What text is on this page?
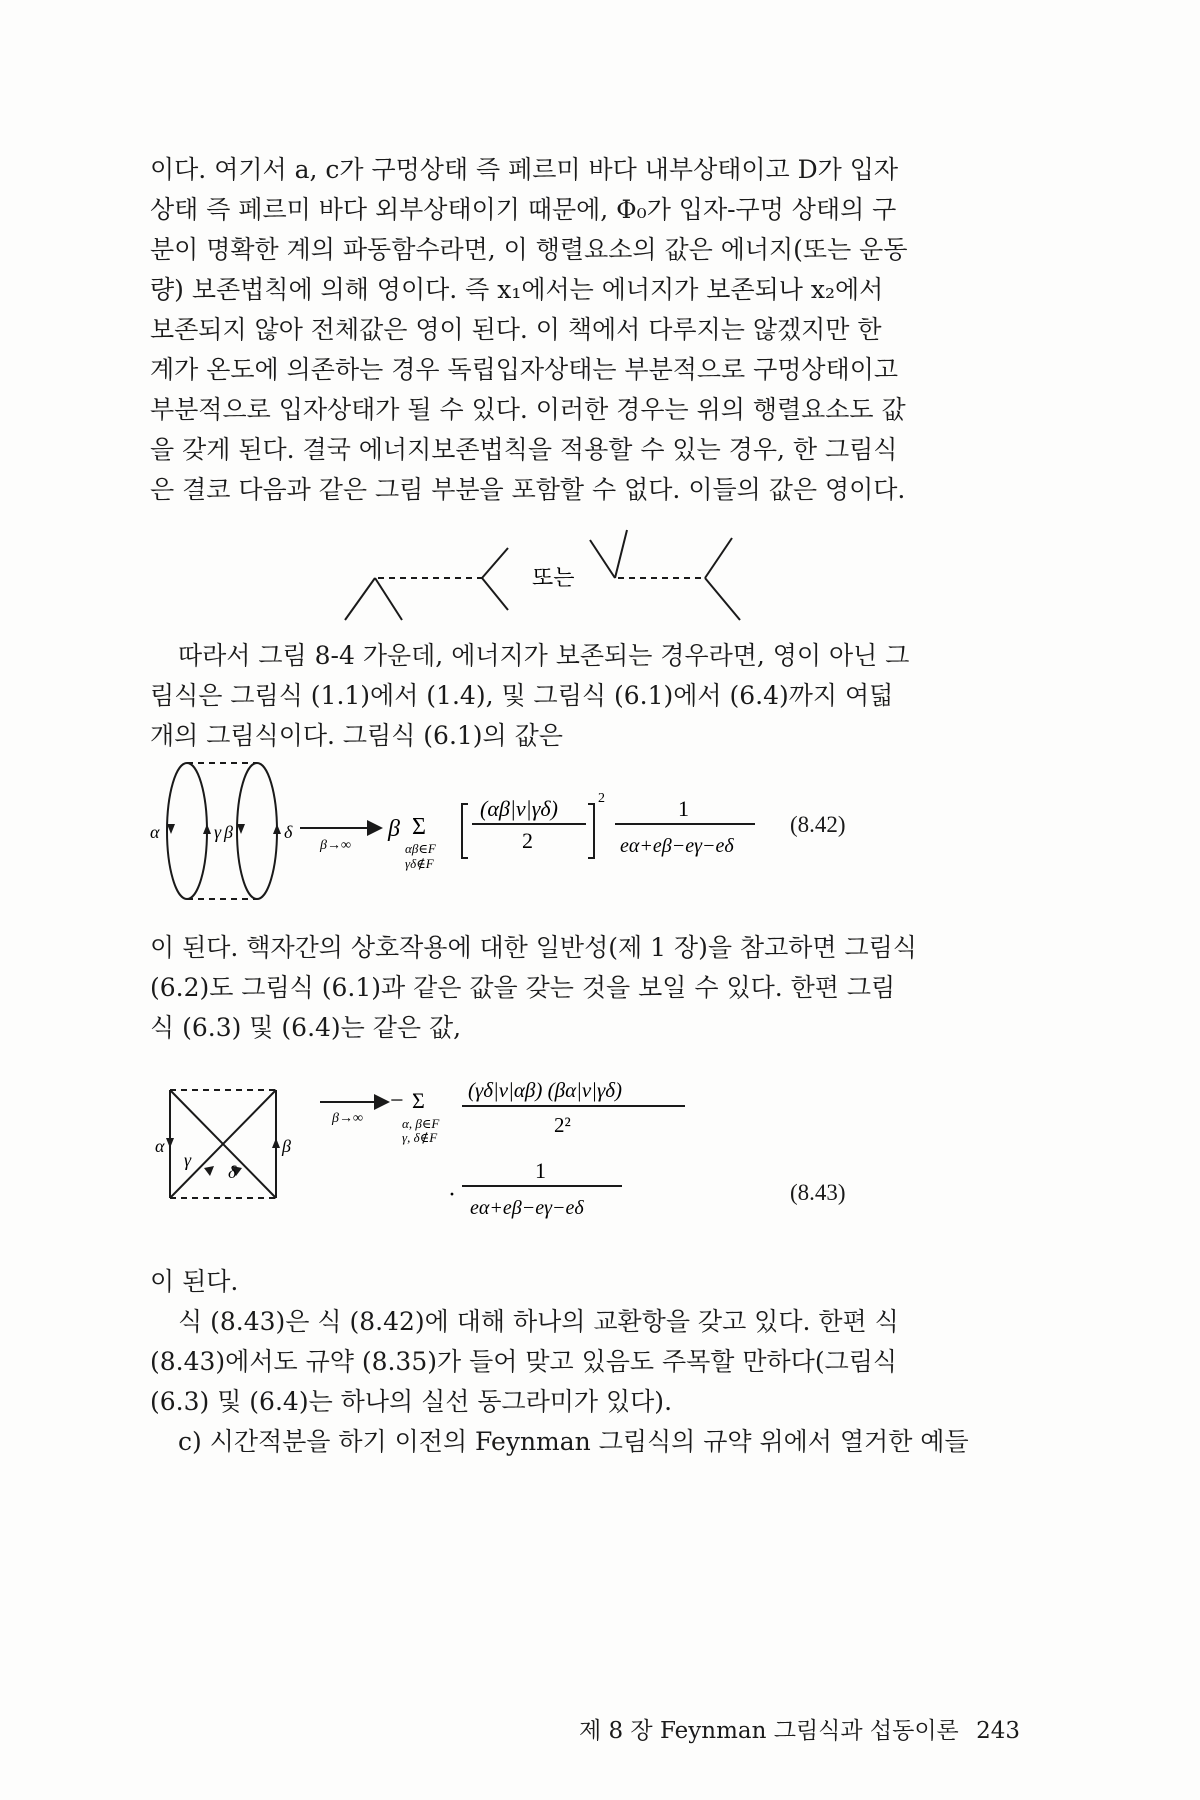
이다. 여기서 a, c가 구멍상태 즉 페르미 바다 내부상태이고 D가 입자
상태 즉 페르미 바다 외부상태이기 때문에, Φ₀가 입자-구멍 상태의 구
분이 명확한 계의 파동함수라면, 이 행렬요소의 값은 에너지(또는 운동
량) 보존법칙에 의해 영이다. 즉 x₁에서는 에너지가 보존되나 x₂에서
보존되지 않아 전체값은 영이 된다. 이 책에서 다루지는 않겠지만 한
계가 온도에 의존하는 경우 독립입자상태는 부분적으로 구멍상태이고
부분적으로 입자상태가 될 수 있다. 이러한 경우는 위의 행렬요소도 값
을 갖게 된다. 결국 에너지보존법칙을 적용할 수 있는 경우, 한 그림식
은 결코 다음과 같은 그림 부분을 포함할 수 없다. 이들의 값은 영이다.

또는

따라서 그림 8-4 가운데, 에너지가 보존되는 경우라면, 영이 아닌 그
림식은 그림식 (1.1)에서 (1.4), 및 그림식 (6.1)에서 (6.4)까지 여덟
개의 그림식이다. 그림식 (6.1)의 값은

α	γ β	δ
β→∞
β Σ
αβ∈F
γδ∉F
(αβ|v|γδ)
2
2	1
eα+eβ−eγ−eδ
(8.42)

이 된다. 핵자간의 상호작용에 대한 일반성(제 1 장)을 참고하면 그림식
(6.2)도 그림식 (6.1)과 같은 값을 갖는 것을 보일 수 있다. 한편 그림
식 (6.3) 및 (6.4)는 같은 값,

α
γ
β
δ
β→∞
− Σ
α, β∈F
γ, δ∉F
(γδ|v|αβ) (βα|v|γδ)
2²
·
1
eα+eβ−eγ−eδ
(8.43)

이 된다.

식 (8.43)은 식 (8.42)에 대해 하나의 교환항을 갖고 있다. 한편 식
(8.43)에서도 규약 (8.35)가 들어 맞고 있음도 주목할 만하다(그림식
(6.3) 및 (6.4)는 하나의 실선 동그라미가 있다).

c) 시간적분을 하기 이전의 Feynman 그림식의 규약 위에서 열거한 예들

제 8 장 Feynman 그림식과 섭동이론 243
